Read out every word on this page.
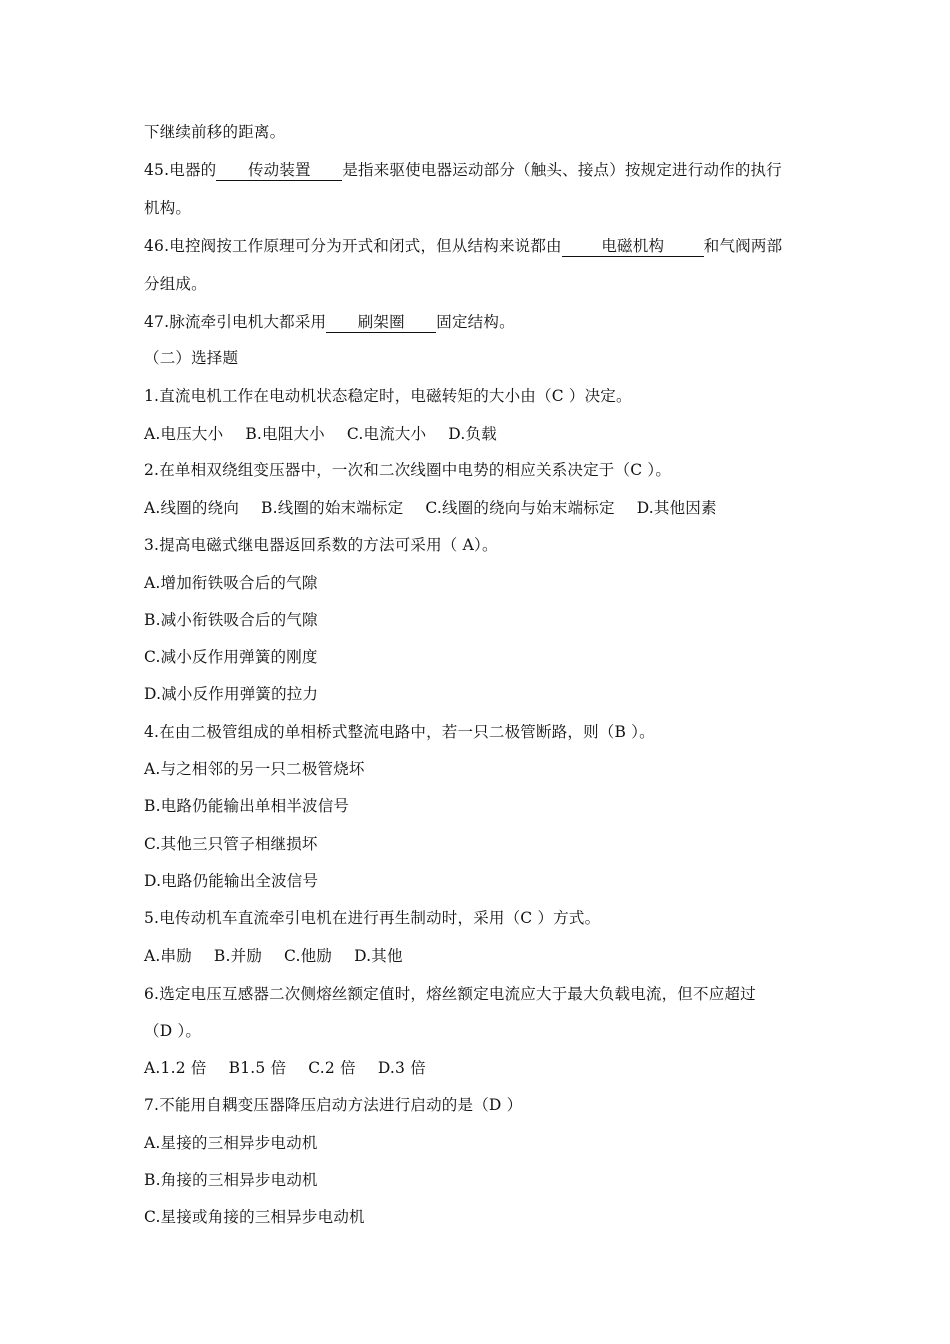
下继续前移的距离。
45.电器的 传动装置 是指来驱使电器运动部分（触头、接点）按规定进行动作的执行
机构。
46.电控阀按工作原理可分为开式和闭式，但从结构来说都由	电磁机构	和气阀两部
分组成。
47.脉流牵引电机大都采用 刷架圈 固定结构。
（二）选择题
1.直流电机工作在电动机状态稳定时，电磁转矩的大小由（C ）决定。
A.电压大小 B.电阻大小 C.电流大小 D.负载
2.在单相双绕组变压器中，一次和二次线圈中电势的相应关系决定于（C ）。
A.线圈的绕向 B.线圈的始末端标定 C.线圈的绕向与始末端标定 D.其他因素
3.提高电磁式继电器返回系数的方法可采用（ A）。
A.增加衔铁吸合后的气隙
B.减小衔铁吸合后的气隙
C.减小反作用弹簧的刚度
D.减小反作用弹簧的拉力
4.在由二极管组成的单相桥式整流电路中，若一只二极管断路，则（B ）。
A.与之相邻的另一只二极管烧坏
B.电路仍能输出单相半波信号
C.其他三只管子相继损坏
D.电路仍能输出全波信号
5.电传动机车直流牵引电机在进行再生制动时，采用（C ）方式。
A.串励 B.并励 C.他励 D.其他
6.选定电压互感器二次侧熔丝额定值时，熔丝额定电流应大于最大负载电流，但不应超过
（D ）。
A.1.2 倍 B1.5 倍 C.2 倍 D.3 倍
7.不能用自耦变压器降压启动方法进行启动的是（D ）
A.星接的三相异步电动机
B.角接的三相异步电动机
C.星接或角接的三相异步电动机
